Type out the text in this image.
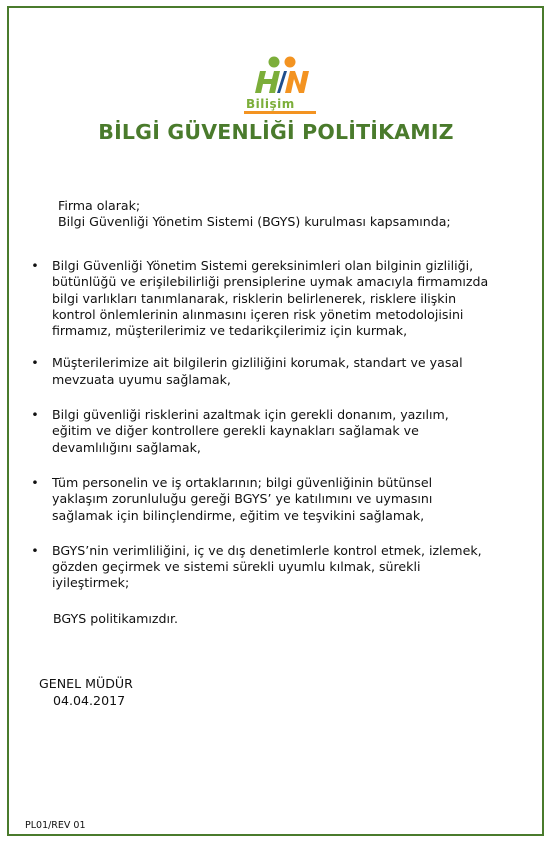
Bilişim
BİLGİ GÜVENLİĞİ POLİTİKAMIZ
Firma olarak;
Bilgi Güvenliği Yönetim Sistemi (BGYS) kurulması kapsamında;
• Bilgi Güvenliği Yönetim Sistemi gereksinimleri olan bilginin gizliliği,
bütünlüğü ve erişilebilirliği prensiplerine uymak amacıyla firmamızda
bilgi varlıkları tanımlanarak, risklerin belirlenerek, risklere ilişkin
kontrol önlemlerinin alınmasını içeren risk yönetim metodolojisini
firmamız, müşterilerimiz ve tedarikçilerimiz için kurmak,
• Müşterilerimize ait bilgilerin gizliliğini korumak, standart ve yasal
mevzuata uyumu sağlamak,
• Bilgi güvenliği risklerini azaltmak için gerekli donanım, yazılım,
eğitim ve diğer kontrollere gerekli kaynakları sağlamak ve
devamlılığını sağlamak,
• Tüm personelin ve iş ortaklarının; bilgi güvenliğinin bütünsel
yaklaşım zorunluluğu gereği BGYS’ ye katılımını ve uymasını
sağlamak için bilinçlendirme, eğitim ve teşvikini sağlamak,
• BGYS’nin verimliliğini, iç ve dış denetimlerle kontrol etmek, izlemek,
gözden geçirmek ve sistemi sürekli uyumlu kılmak, sürekli
iyileştirmek;
BGYS politikamızdır.
GENEL MÜDÜR
04.04.2017
PL01/REV 01
